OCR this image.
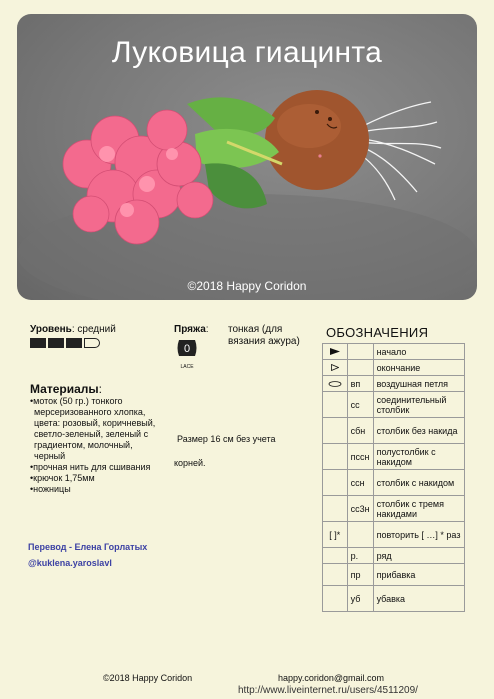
Луковица гиацинта
©2018 Happy Coridon
Уровень: средний	Пряжа: тонкая (для вязания ажура)
0
LACE
Материалы:
• моток (50 гр.) тонкого мерсеризованного хлопка, цвета: розовый, коричневый, светло-зеленый, зеленый с градиентом, молочный, черный
• прочная нить для сшивания
• крючок 1,75мм
• ножницы
Размер 16 см без учета
корней.
Перевод - Елена Горлатых
@kuklena.yaroslavl
ОБОЗНАЧЕНИЯ
		начало
		окончание
	вп	воздушная петля
	сс	соединительный столбик
	сбн	столбик без накида
	пссн	полустолбик с накидом
	ссн	столбик с накидом
	сс3н	столбик с тремя накидами
[ ]*		повторить [ …] * раз
	р.	ряд
	пр	прибавка
	уб	убавка
©2018 Happy Coridon	happy.coridon@gmail.com
http://www.liveinternet.ru/users/4511209/
